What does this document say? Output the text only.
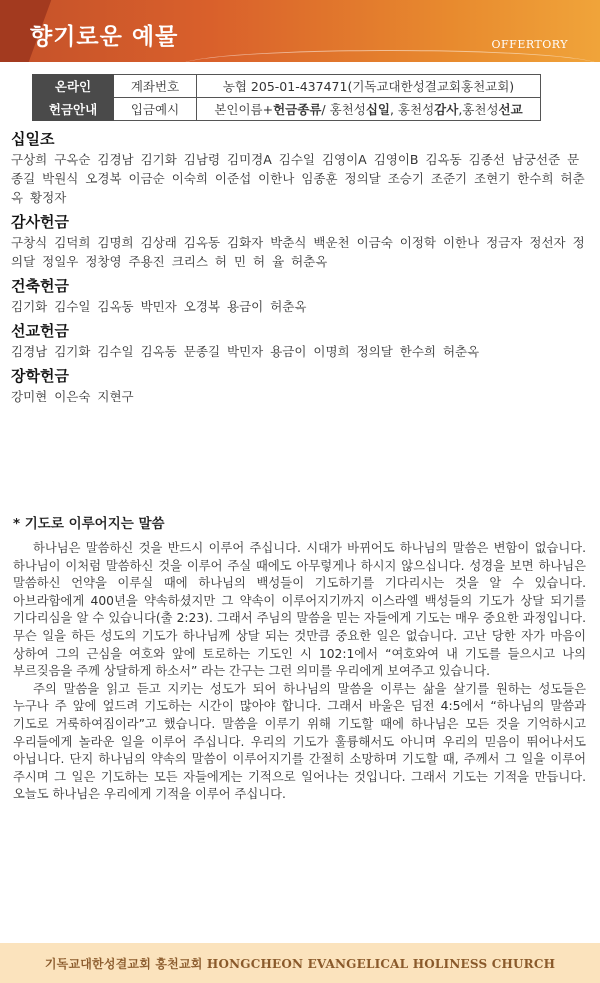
향기로운 예물	OFFERTORY
온라인	계좌번호	농협 205-01-437471(기독교대한성결교회홍천교회)
헌금안내	입금예시	본인이름+헌금종류/ 홍천성십일, 홍천성감사,홍천성선교

십일조

구상희 구옥순 김경남 김기화 김남령 김미경A 김수일 김영이A 김영이B 김옥동 김종선 남궁선준 문종길 박원식 오경복 이금순 이숙희 이준섭 이한나 임종훈 정의달 조승기 조준기 조현기 한수희 허춘옥 황정자

감사헌금

구창식 김덕희 김명희 김상래 김옥동 김화자 박춘식 백운천 이금숙 이정학 이한나 정금자 정선자 정의달 정일우 정창영 주용진 크리스 허 민 허 율 허춘옥

건축헌금

김기화 김수일 김옥동 박민자 오경복 용금이 허춘옥

선교헌금

김경남 김기화 김수일 김옥동 문종길 박민자 용금이 이명희 정의달 한수희 허춘옥

장학헌금

강미현 이은숙 지현구

* 기도로 이루어지는 말씀

하나님은 말씀하신 것을 반드시 이루어 주십니다. 시대가 바뀌어도 하나님의 말씀은 변함이 없습니다. 하나님이 이처럼 말씀하신 것을 이루어 주실 때에도 아무렇게나 하시지 않으십니다. 성경을 보면 하나님은 말씀하신 언약을 이루실 때에 하나님의 백성들이 기도하기를 기다리시는 것을 알 수 있습니다. 아브라함에게 400년을 약속하셨지만 그 약속이 이루어지기까지 이스라엘 백성들의 기도가 상달 되기를 기다리심을 알 수 있습니다(출 2:23). 그래서 주님의 말씀을 믿는 자들에게 기도는 매우 중요한 과정입니다. 무슨 일을 하든 성도의 기도가 하나님께 상달 되는 것만큼 중요한 일은 없습니다. 고난 당한 자가 마음이 상하여 그의 근심을 여호와 앞에 토로하는 기도인 시 102:1에서 “여호와여 내 기도를 들으시고 나의 부르짖음을 주께 상달하게 하소서” 라는 간구는 그런 의미를 우리에게 보여주고 있습니다.

주의 말씀을 읽고 듣고 지키는 성도가 되어 하나님의 말씀을 이루는 삶을 살기를 원하는 성도들은 누구나 주 앞에 엎드려 기도하는 시간이 많아야 합니다. 그래서 바울은 딤전 4:5에서 “하나님의 말씀과 기도로 거룩하여짐이라”고 했습니다. 말씀을 이루기 위해 기도할 때에 하나님은 모든 것을 기억하시고 우리들에게 놀라운 일을 이루어 주십니다. 우리의 기도가 훌륭해서도 아니며 우리의 믿음이 뛰어나서도 아닙니다. 단지 하나님의 약속의 말씀이 이루어지기를 간절히 소망하며 기도할 때, 주께서 그 일을 이루어 주시며 그 일은 기도하는 모든 자들에게는 기적으로 일어나는 것입니다. 그래서 기도는 기적을 만듭니다. 오늘도 하나님은 우리에게 기적을 이루어 주십니다.

기독교대한성결교회 홍천교회 HONGCHEON EVANGELICAL HOLINESS CHURCH
